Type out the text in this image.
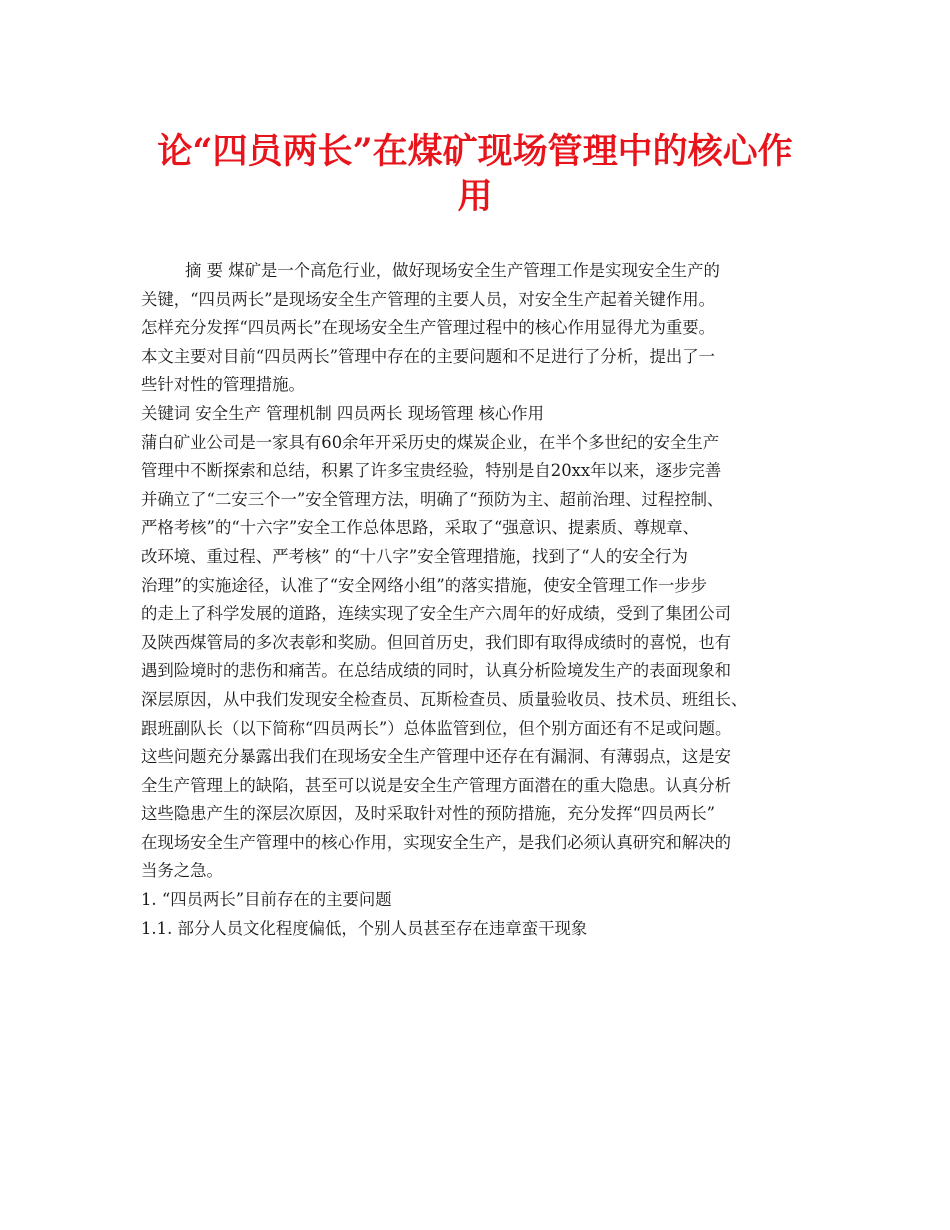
论“四员两长”在煤矿现场管理中的核心作
用
摘 要 煤矿是一个高危行业，做好现场安全生产管理工作是实现安全生产的
关键，“四员两长”是现场安全生产管理的主要人员，对安全生产起着关键作用。
怎样充分发挥“四员两长”在现场安全生产管理过程中的核心作用显得尤为重要。
本文主要对目前“四员两长”管理中存在的主要问题和不足进行了分析，提出了一
些针对性的管理措施。
关键词 安全生产 管理机制 四员两长 现场管理 核心作用
蒲白矿业公司是一家具有60余年开采历史的煤炭企业，在半个多世纪的安全生产
管理中不断探索和总结，积累了许多宝贵经验，特别是自20xx年以来，逐步完善
并确立了“二安三个一”安全管理方法，明确了“预防为主、超前治理、过程控制、
严格考核”的“十六字”安全工作总体思路，采取了“强意识、提素质、尊规章、
改环境、重过程、严考核” 的“十八字”安全管理措施，找到了“人的安全行为
治理”的实施途径，认准了“安全网络小组”的落实措施，使安全管理工作一步步
的走上了科学发展的道路，连续实现了安全生产六周年的好成绩，受到了集团公司
及陕西煤管局的多次表彰和奖励。但回首历史，我们即有取得成绩时的喜悦，也有
遇到险境时的悲伤和痛苦。在总结成绩的同时，认真分析险境发生产的表面现象和
深层原因，从中我们发现安全检查员、瓦斯检查员、质量验收员、技术员、班组长、
跟班副队长（以下简称“四员两长”）总体监管到位，但个别方面还有不足或问题。
这些问题充分暴露出我们在现场安全生产管理中还存在有漏洞、有薄弱点，这是安
全生产管理上的缺陷，甚至可以说是安全生产管理方面潜在的重大隐患。认真分析
这些隐患产生的深层次原因，及时采取针对性的预防措施，充分发挥“四员两长”
在现场安全生产管理中的核心作用，实现安全生产，是我们必须认真研究和解决的
当务之急。
1. “四员两长”目前存在的主要问题
1.1. 部分人员文化程度偏低，个别人员甚至存在违章蛮干现象
